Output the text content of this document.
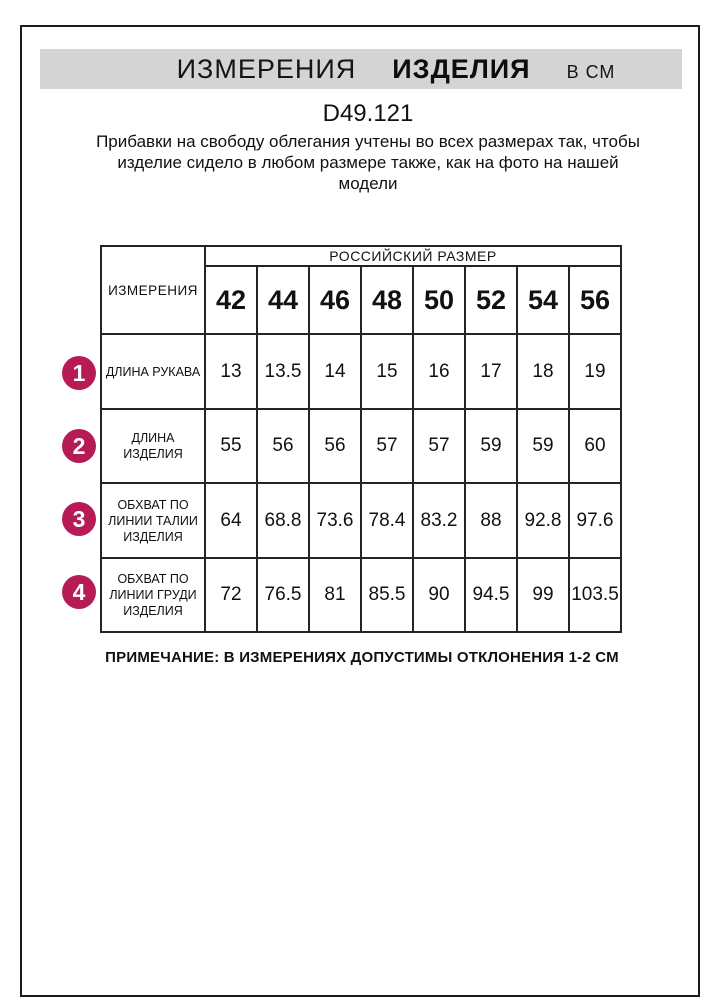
ИЗМЕРЕНИЯ ИЗДЕЛИЯ В СМ
D49.121
Прибавки на свободу облегания учтены во всех размерах так, чтобы
изделие сидело в любом размере также, как на фото на нашей
модели
ИЗМЕРЕНИЯ	РОССИЙСКИЙ РАЗМЕР							
	42	44	46	48	50	52	54	56
ДЛИНА РУКАВА	13	13.5	14	15	16	17	18	19
ДЛИНА
ИЗДЕЛИЯ	55	56	56	57	57	59	59	60
ОБХВАТ ПО
ЛИНИИ ТАЛИИ
ИЗДЕЛИЯ	64	68.8	73.6	78.4	83.2	88	92.8	97.6
ОБХВАТ ПО
ЛИНИИ ГРУДИ
ИЗДЕЛИЯ	72	76.5	81	85.5	90	94.5	99	103.5
1
2
3
4
ПРИМЕЧАНИЕ: В ИЗМЕРЕНИЯХ ДОПУСТИМЫ ОТКЛОНЕНИЯ 1-2 СМ
